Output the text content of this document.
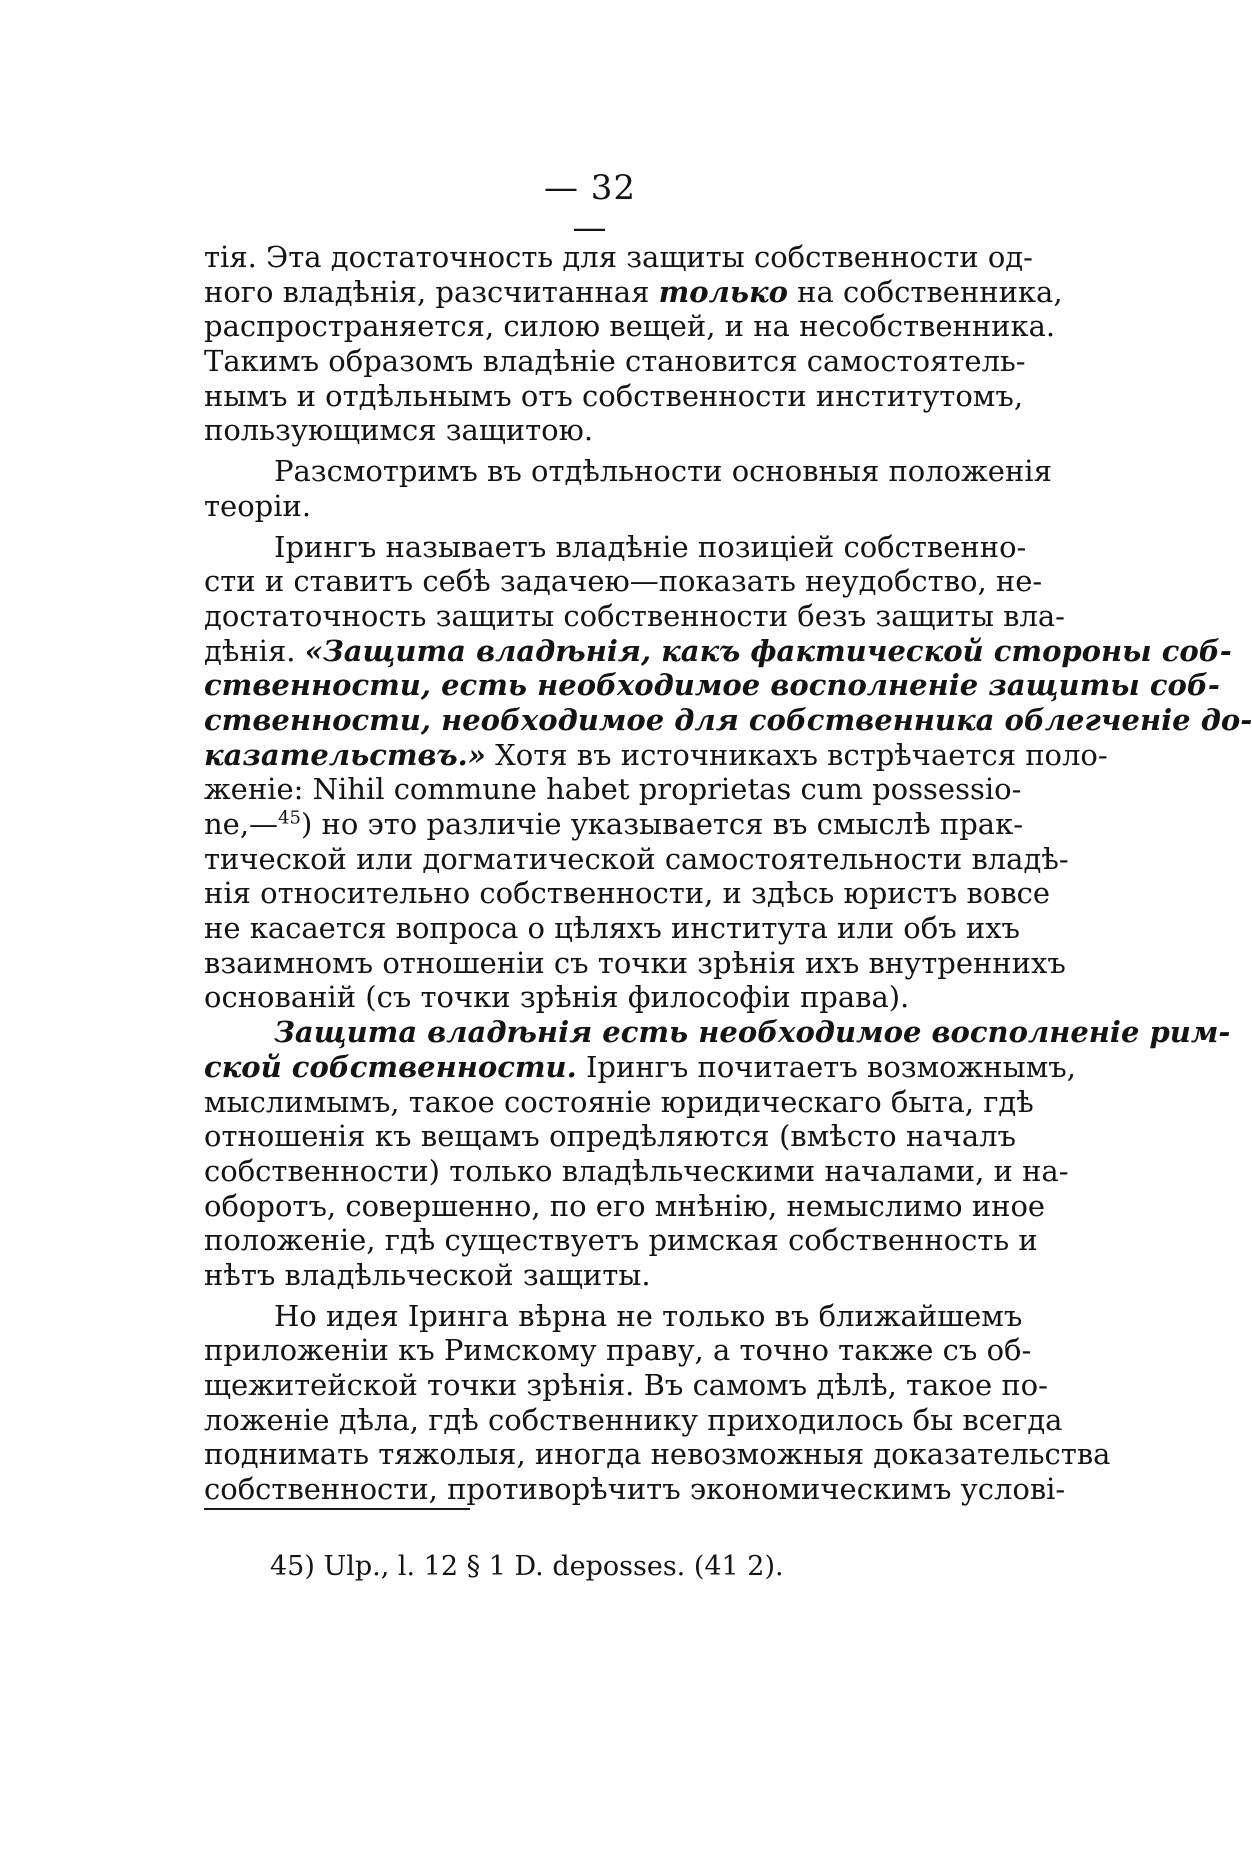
— 32 —
тія. Эта достаточность для защиты собственности од-
ного владѣнія, разсчитанная только на собственника,
распространяется, силою вещей, и на несобственника.
Такимъ образомъ владѣніе становится самостоятель-
нымъ и отдѣльнымъ отъ собственности институтомъ,
пользующимся защитою.
Разсмотримъ въ отдѣльности основныя положенія
теоріи.
Ірингъ называетъ владѣніе позиціей собственно-
сти и ставитъ себѣ задачею—показать неудобство, не-
достаточность защиты собственности безъ защиты вла-
дѣнія. «Защита владѣнія, какъ фактической стороны соб-
ственности, есть необходимое восполненіе защиты соб-
ственности, необходимое для собственника облегченіе до-
казательствъ.» Хотя въ источникахъ встрѣчается поло-
женіе: Nihil commune habet proprietas cum possessio-
ne,—$^{45}$) но это различіе указывается въ смыслѣ прак-
тической или догматической самостоятельности владѣ-
нія относительно собственности, и здѣсь юристъ вовсе
не касается вопроса о цѣляхъ института или объ ихъ
взаимномъ отношеніи съ точки зрѣнія ихъ внутреннихъ
основаній (съ точки зрѣнія философіи права).
Защита владѣнія есть необходимое восполненіе рим-
ской собственности. Ірингъ почитаетъ возможнымъ,
мыслимымъ, такое состояніе юридическаго быта, гдѣ
отношенія къ вещамъ опредѣляются (вмѣсто началъ
собственности) только владѣльческими началами, и на-
оборотъ, совершенно, по его мнѣнію, немыслимо иное
положеніе, гдѣ существуетъ римская собственность и
нѣтъ владѣльческой защиты.
Но идея Іринга вѣрна не только въ ближайшемъ
приложеніи къ Римскому праву, а точно также съ об-
щежитейской точки зрѣнія. Въ самомъ дѣлѣ, такое по-
ложеніе дѣла, гдѣ собственнику приходилось бы всегда
поднимать тяжолыя, иногда невозможныя доказательства
собственности, противорѣчитъ экономическимъ услові-
45) Ulp., l. 12 § 1 D. deposses. (41 2).
